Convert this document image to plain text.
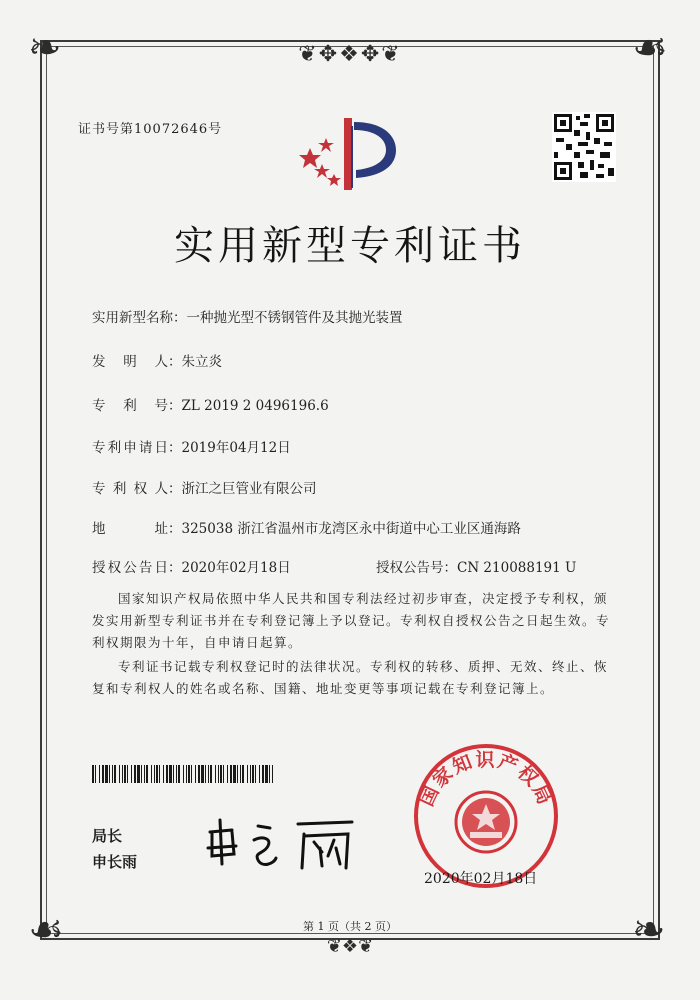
❦✥❖✥❦
❦❖❦
❧	☙
☙	❧
证书号第10072646号
实用新型专利证书
实用新型名称：一种抛光型不锈钢管件及其抛光装置
发明人：朱立炎
专利号：ZL 2019 2 0496196.6
专利申请日：2019年04月12日
专利权人：浙江之巨管业有限公司
地址：325038 浙江省温州市龙湾区永中街道中心工业区通海路
授权公告日：2020年02月18日	授权公告号：CN 210088191 U
国家知识产权局依照中华人民共和国专利法经过初步审查，决定授予专利权，颁发实用新型专利证书并在专利登记簿上予以登记。专利权自授权公告之日起生效。专利权期限为十年，自申请日起算。
专利证书记载专利权登记时的法律状况。专利权的转移、质押、无效、终止、恢复和专利权人的姓名或名称、国籍、地址变更等事项记载在专利登记簿上。
局长
申长雨
国家知识产权局
2020年02月18日
第 1 页（共 2 页）
